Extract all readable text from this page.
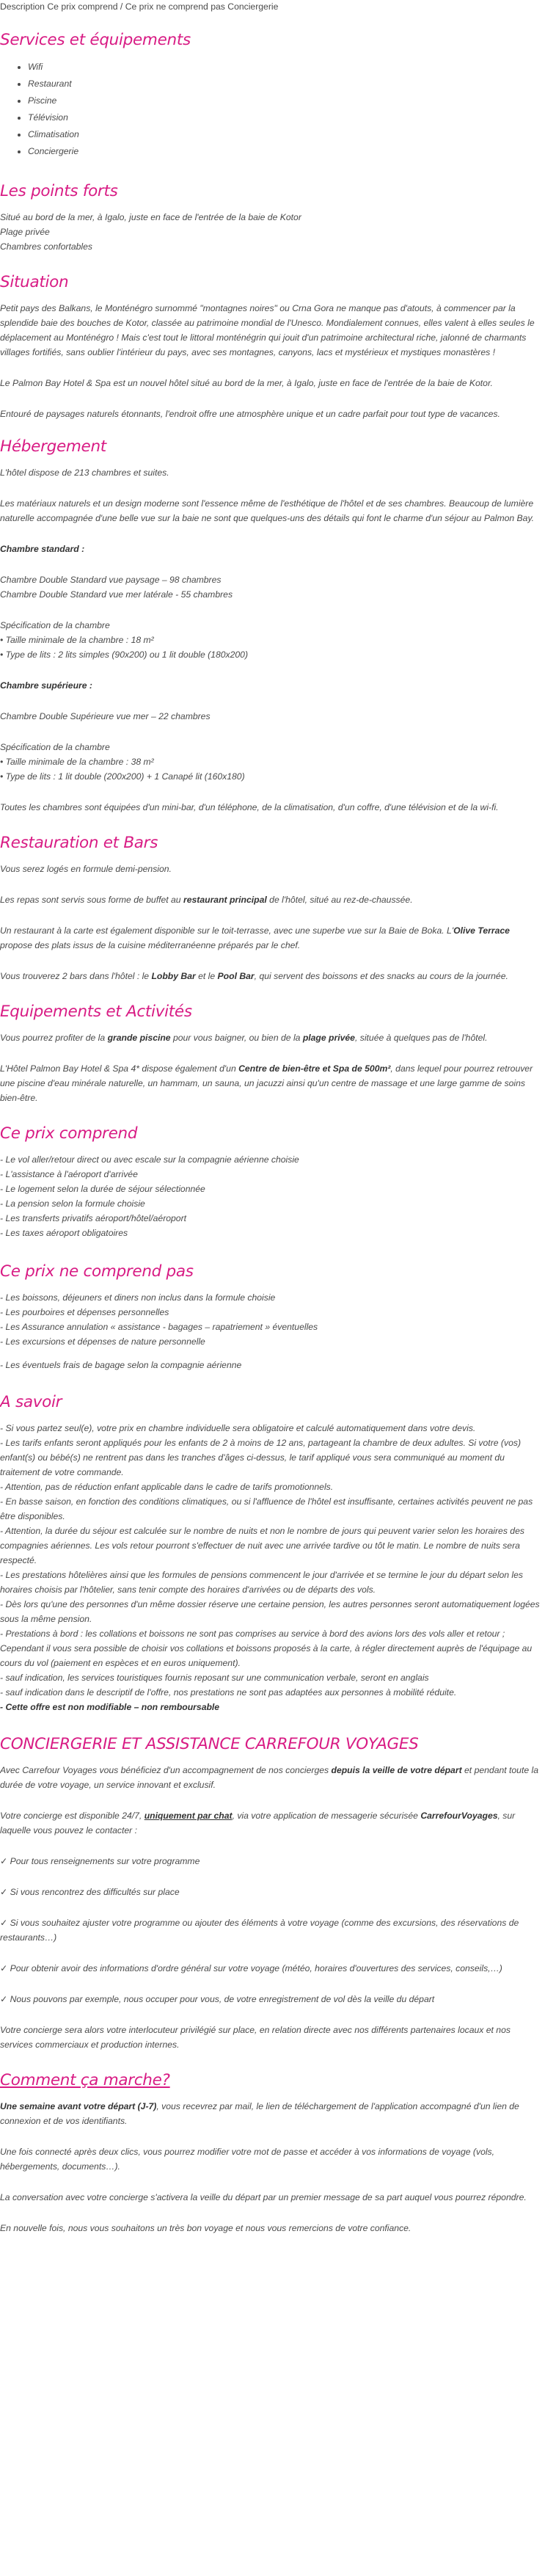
Description Ce prix comprend / Ce prix ne comprend pas Conciergerie
Services et équipements
• Wifi
• Restaurant
• Piscine
• Télévision
• Climatisation
• Conciergerie
Les points forts
Situé au bord de la mer, à Igalo, juste en face de l'entrée de la baie de Kotor
Plage privée
Chambres confortables
Situation

Petit pays des Balkans, le Monténégro surnommé "montagnes noires" ou Crna Gora ne manque pas d'atouts, à commencer par la splendide baie des bouches de Kotor, classée au patrimoine mondial de l'Unesco. Mondialement connues, elles valent à elles seules le déplacement au Monténégro ! Mais c'est tout le littoral monténégrin qui jouit d'un patrimoine architectural riche, jalonné de charmants villages fortifiés, sans oublier l'intérieur du pays, avec ses montagnes, canyons, lacs et mystérieux et mystiques monastères !

Le Palmon Bay Hotel & Spa est un nouvel hôtel situé au bord de la mer, à Igalo, juste en face de l'entrée de la baie de Kotor.

Entouré de paysages naturels étonnants, l'endroit offre une atmosphère unique et un cadre parfait pour tout type de vacances.

Hébergement

L'hôtel dispose de 213 chambres et suites.

Les matériaux naturels et un design moderne sont l'essence même de l'esthétique de l'hôtel et de ses chambres. Beaucoup de lumière naturelle accompagnée d'une belle vue sur la baie ne sont que quelques-uns des détails qui font le charme d'un séjour au Palmon Bay.

Chambre standard :

Chambre Double Standard vue paysage – 98 chambres
Chambre Double Standard vue mer latérale - 55 chambres
Spécification de la chambre
• Taille minimale de la chambre : 18 m²
• Type de lits : 2 lits simples (90x200) ou 1 lit double (180x200)

Chambre supérieure :

Chambre Double Supérieure vue mer – 22 chambres

Spécification de la chambre
• Taille minimale de la chambre : 38 m²
• Type de lits : 1 lit double (200x200) + 1 Canapé lit (160x180)

Toutes les chambres sont équipées d'un mini-bar, d'un téléphone, de la climatisation, d'un coffre, d'une télévision et de la wi-fi.

Restauration et Bars

Vous serez logés en formule demi-pension.

Les repas sont servis sous forme de buffet au restaurant principal de l'hôtel, situé au rez-de-chaussée.

Un restaurant à la carte est également disponible sur le toit-terrasse, avec une superbe vue sur la Baie de Boka. L'Olive Terrace propose des plats issus de la cuisine méditerranéenne préparés par le chef.

Vous trouverez 2 bars dans l'hôtel : le Lobby Bar et le Pool Bar, qui servent des boissons et des snacks au cours de la journée.

Equipements et Activités

Vous pourrez profiter de la grande piscine pour vous baigner, ou bien de la plage privée, située à quelques pas de l'hôtel.

L'Hôtel Palmon Bay Hotel & Spa 4* dispose également d'un Centre de bien-être et Spa de 500m², dans lequel pour pourrez retrouver une piscine d'eau minérale naturelle, un hammam, un sauna, un jacuzzi ainsi qu'un centre de massage et une large gamme de soins bien-être.

Ce prix comprend
- Le vol aller/retour direct ou avec escale sur la compagnie aérienne choisie
- L'assistance à l'aéroport d'arrivée
- Le logement selon la durée de séjour sélectionnée
- La pension selon la formule choisie
- Les transferts privatifs aéroport/hôtel/aéroport
- Les taxes aéroport obligatoires
Ce prix ne comprend pas
- Les boissons, déjeuners et diners non inclus dans la formule choisie
- Les pourboires et dépenses personnelles
- Les Assurance annulation « assistance - bagages – rapatriement » éventuelles
- Les excursions et dépenses de nature personnelle

- Les éventuels frais de bagage selon la compagnie aérienne

A savoir
- Si vous partez seul(e), votre prix en chambre individuelle sera obligatoire et calculé automatiquement dans votre devis.
- Les tarifs enfants seront appliqués pour les enfants de 2 à moins de 12 ans, partageant la chambre de deux adultes. Si votre (vos) enfant(s) ou bébé(s) ne rentrent pas dans les tranches d'âges ci-dessus, le tarif appliqué vous sera communiqué au moment du traitement de votre commande.
- Attention, pas de réduction enfant applicable dans le cadre de tarifs promotionnels.
- En basse saison, en fonction des conditions climatiques, ou si l'affluence de l'hôtel est insuffisante, certaines activités peuvent ne pas être disponibles.
- Attention, la durée du séjour est calculée sur le nombre de nuits et non le nombre de jours qui peuvent varier selon les horaires des compagnies aériennes. Les vols retour pourront s'effectuer de nuit avec une arrivée tardive ou tôt le matin. Le nombre de nuits sera respecté.
- Les prestations hôtelières ainsi que les formules de pensions commencent le jour d'arrivée et se termine le jour du départ selon les horaires choisis par l'hôtelier, sans tenir compte des horaires d'arrivées ou de départs des vols.
- Dès lors qu'une des personnes d'un même dossier réserve une certaine pension, les autres personnes seront automatiquement logées sous la même pension.
- Prestations à bord : les collations et boissons ne sont pas comprises au service à bord des avions lors des vols aller et retour ; Cependant il vous sera possible de choisir vos collations et boissons proposés à la carte, à régler directement auprès de l'équipage au cours du vol (paiement en espèces et en euros uniquement).
- sauf indication, les services touristiques fournis reposant sur une communication verbale, seront en anglais
- sauf indication dans le descriptif de l'offre, nos prestations ne sont pas adaptées aux personnes à mobilité réduite.
- Cette offre est non modifiable – non remboursable
CONCIERGERIE ET ASSISTANCE CARREFOUR VOYAGES

Avec Carrefour Voyages vous bénéficiez d'un accompagnement de nos concierges depuis la veille de votre départ et pendant toute la durée de votre voyage, un service innovant et exclusif.

Votre concierge est disponible 24/7, uniquement par chat, via votre application de messagerie sécurisée CarrefourVoyages, sur laquelle vous pouvez le contacter :

✓ Pour tous renseignements sur votre programme

✓ Si vous rencontrez des difficultés sur place

✓ Si vous souhaitez ajuster votre programme ou ajouter des éléments à votre voyage (comme des excursions, des réservations de restaurants…)

✓ Pour obtenir avoir des informations d'ordre général sur votre voyage (météo, horaires d'ouvertures des services, conseils,…)

✓ Nous pouvons par exemple, nous occuper pour vous, de votre enregistrement de vol dès la veille du départ

Votre concierge sera alors votre interlocuteur privilégié sur place, en relation directe avec nos différents partenaires locaux et nos services commerciaux et production internes.

Comment ça marche?

Une semaine avant votre départ (J-7), vous recevrez par mail, le lien de téléchargement de l'application accompagné d'un lien de connexion et de vos identifiants.

Une fois connecté après deux clics, vous pourrez modifier votre mot de passe et accéder à vos informations de voyage (vols, hébergements, documents…).

La conversation avec votre concierge s'activera la veille du départ par un premier message de sa part auquel vous pourrez répondre.

En nouvelle fois, nous vous souhaitons un très bon voyage et nous vous remercions de votre confiance.
